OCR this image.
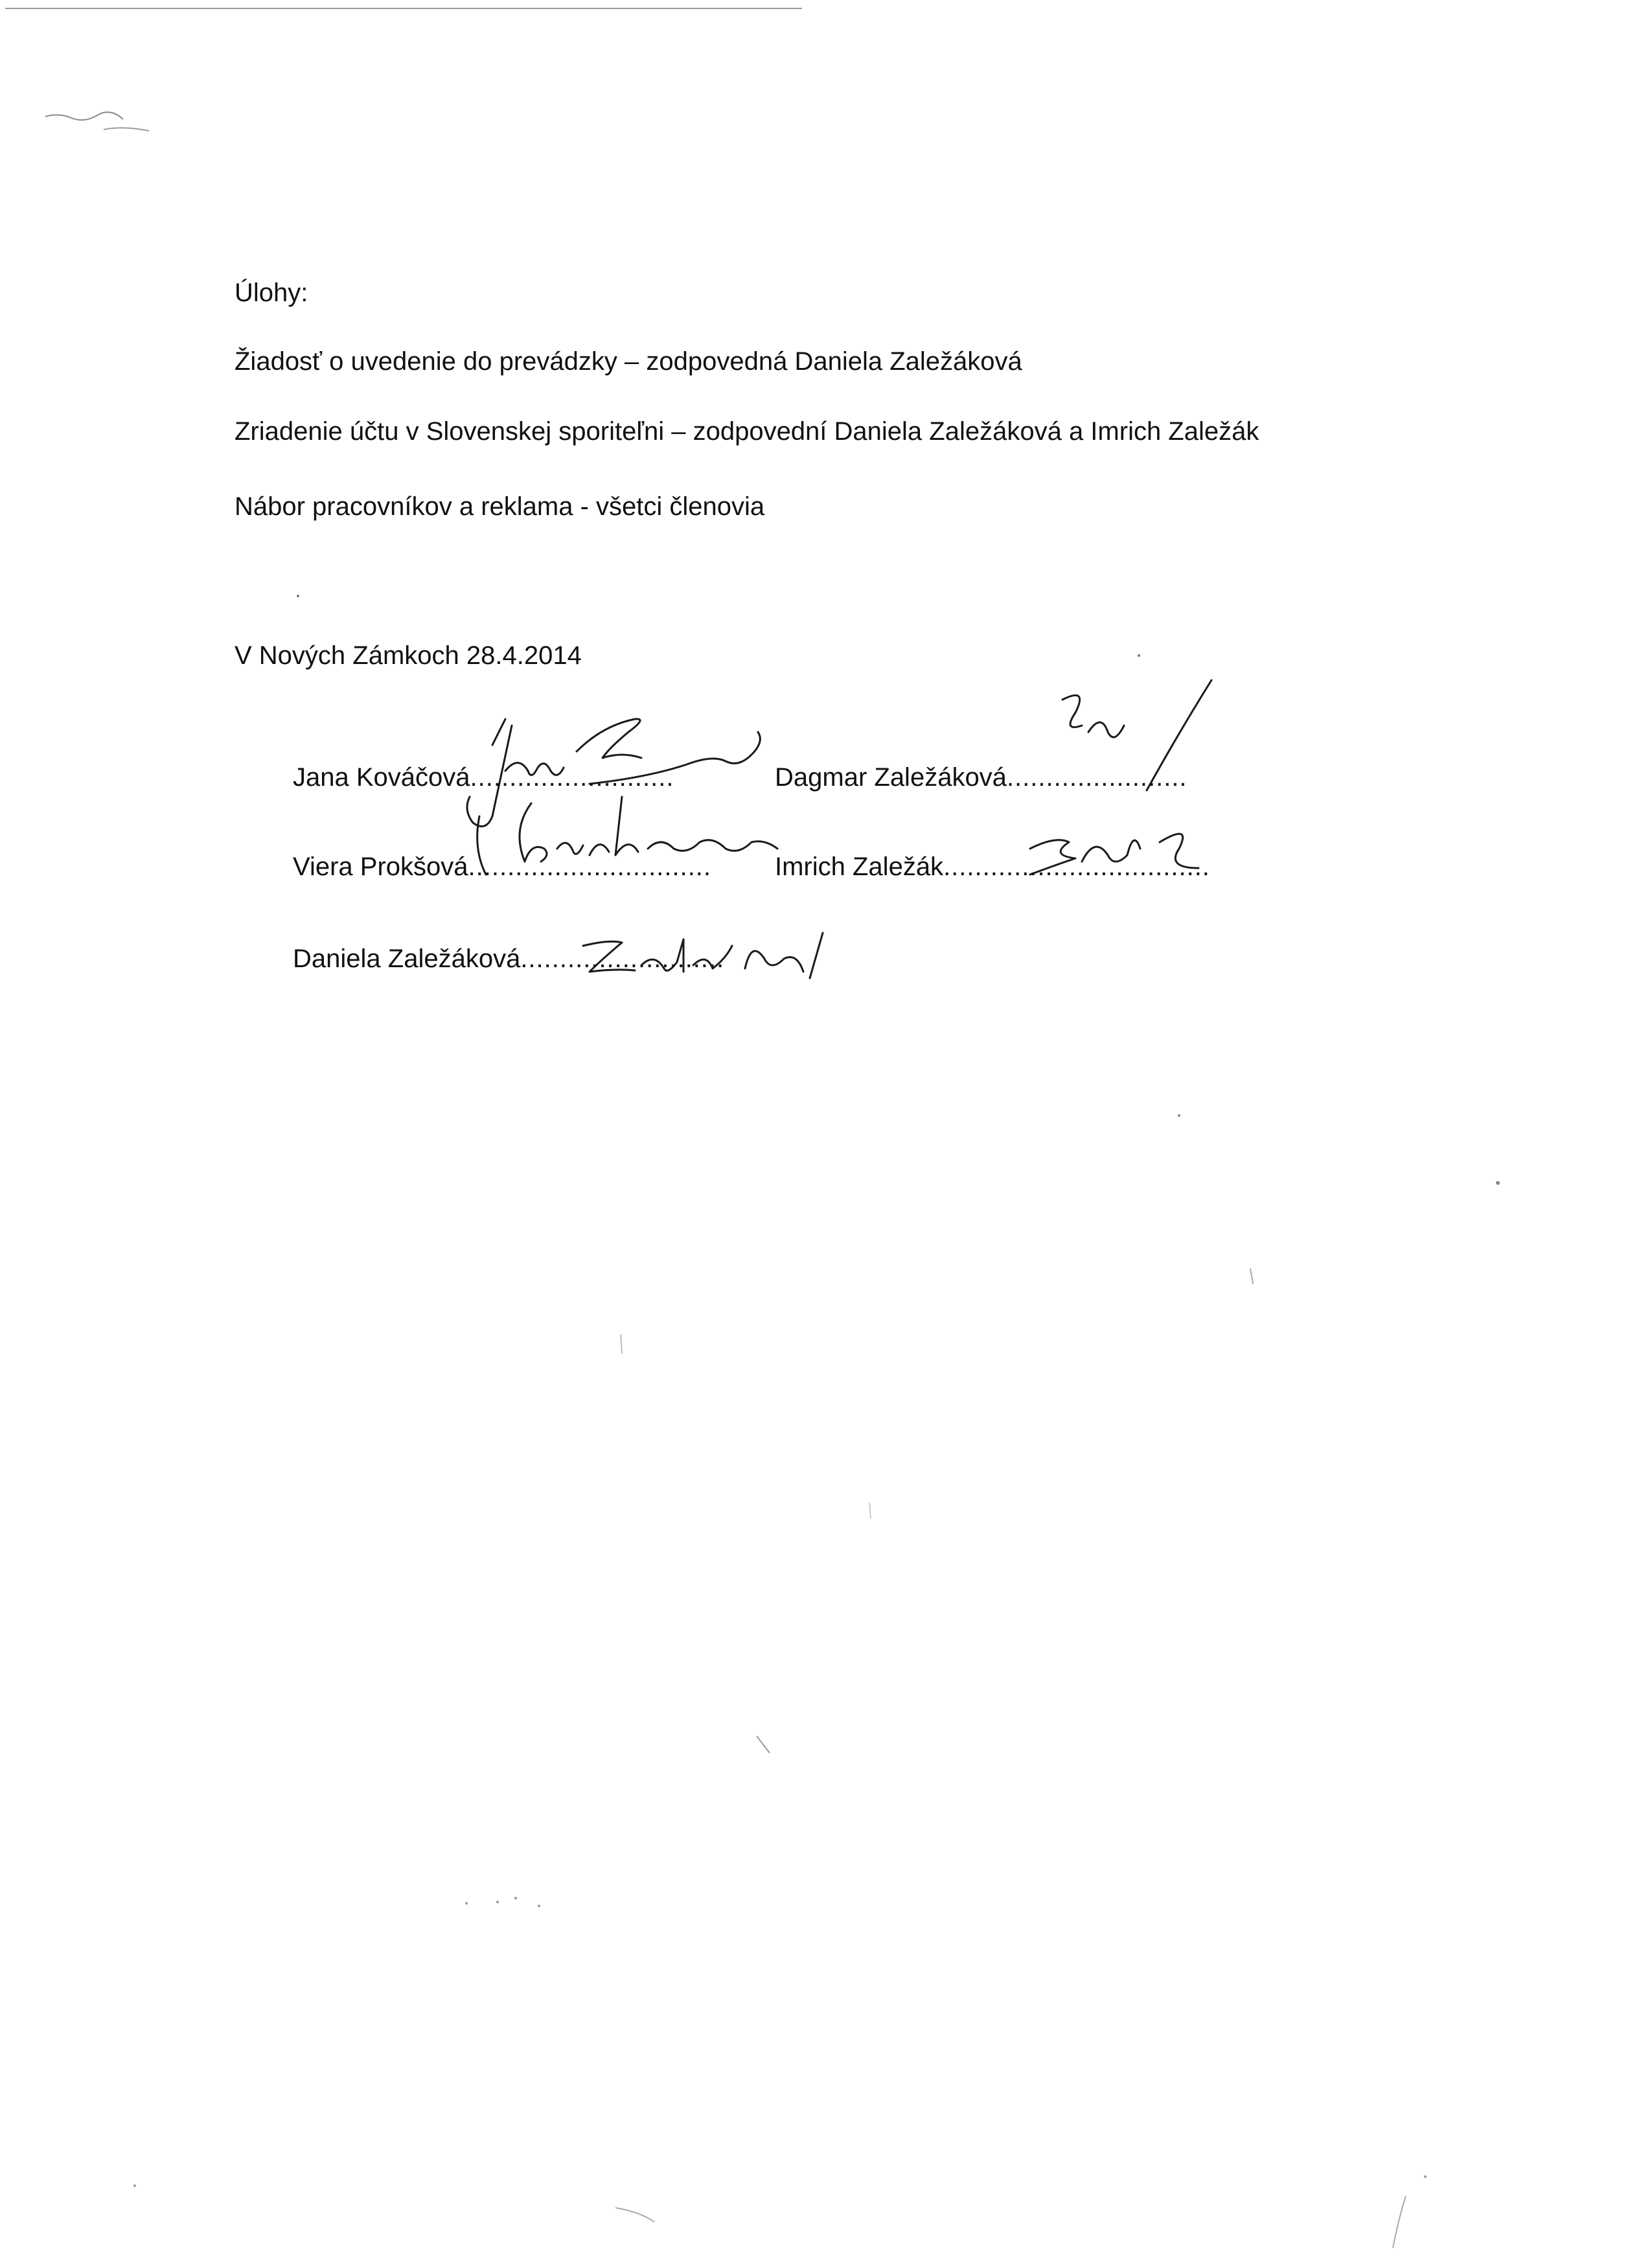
Úlohy:
Žiadosť o uvedenie do prevádzky – zodpovedná Daniela Zaležáková
Zriadenie účtu v Slovenskej sporiteľni – zodpovední Daniela Zaležáková a Imrich Zaležák
Nábor pracovníkov a reklama - všetci členovia
V Nových Zámkoch 28.4.2014
Jana Kováčová..........................	Dagmar Zaležáková.......................
Viera Prokšová............................... Imrich Zaležák..................................
Daniela Zaležáková..........................
